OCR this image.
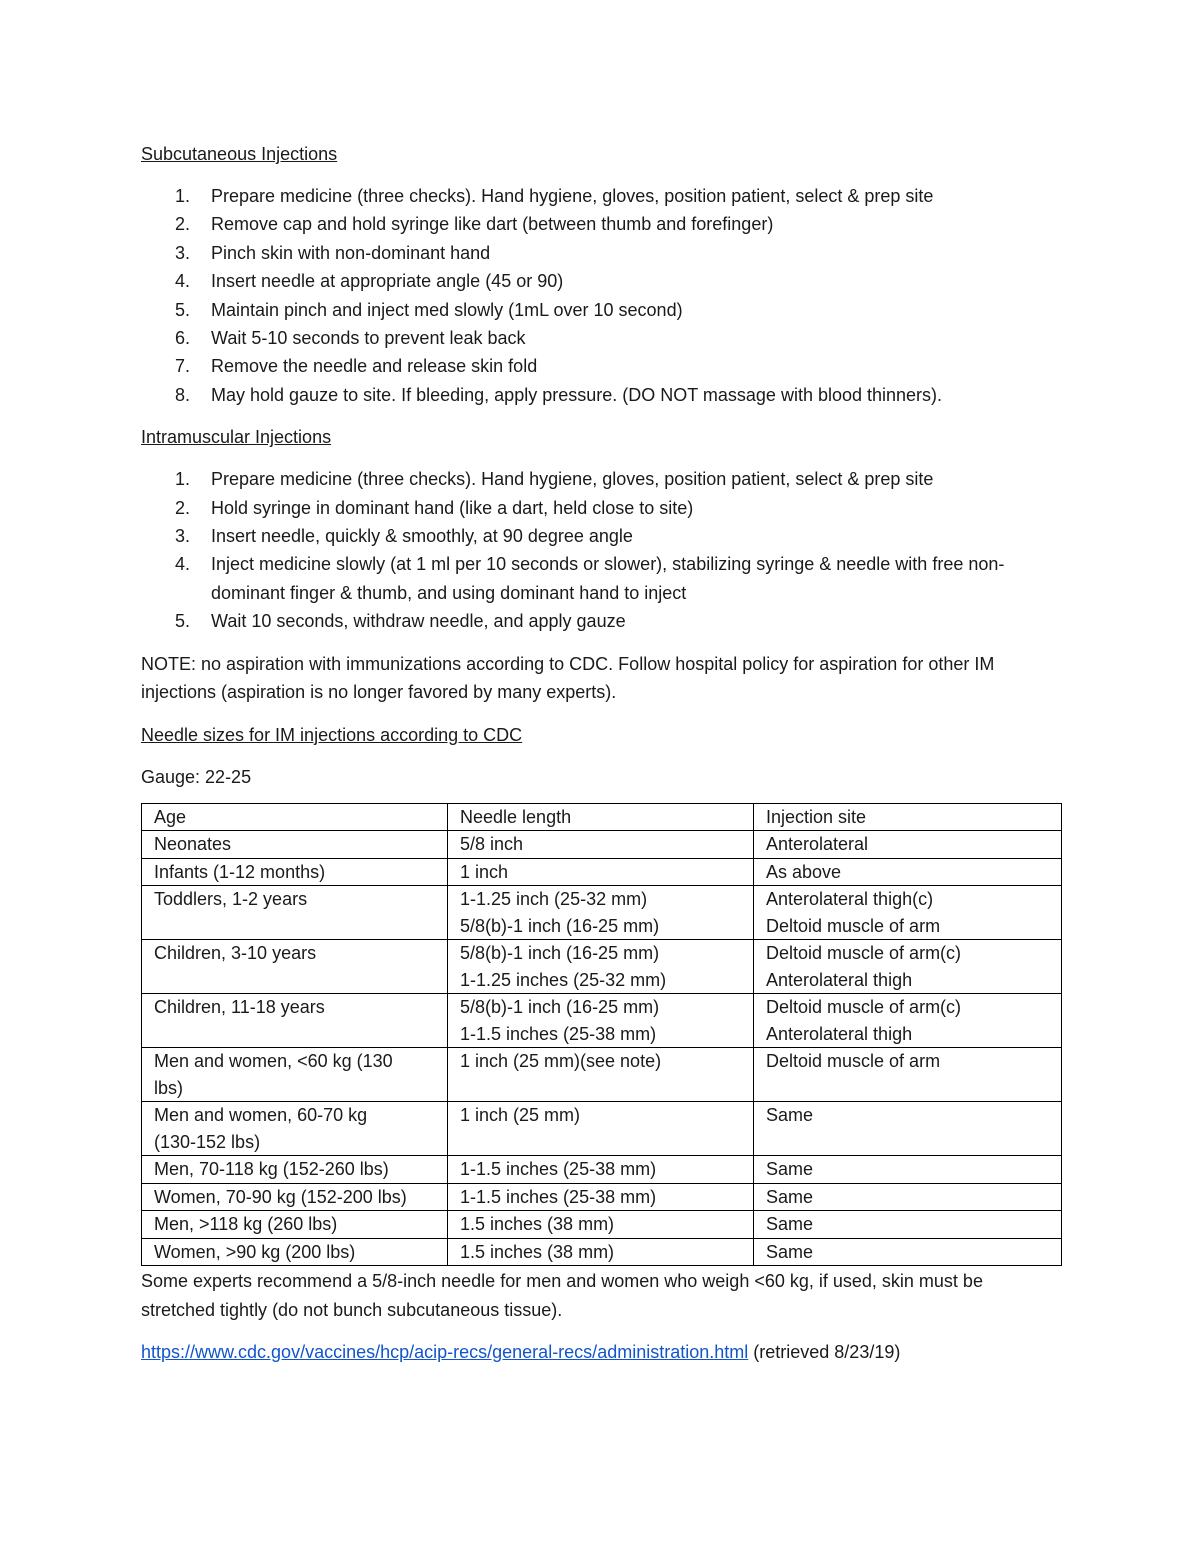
Subcutaneous Injections
1. Prepare medicine (three checks). Hand hygiene, gloves, position patient, select & prep site
2. Remove cap and hold syringe like dart (between thumb and forefinger)
3. Pinch skin with non-dominant hand
4. Insert needle at appropriate angle (45 or 90)
5. Maintain pinch and inject med slowly (1mL over 10 second)
6. Wait 5-10 seconds to prevent leak back
7. Remove the needle and release skin fold
8. May hold gauze to site. If bleeding, apply pressure. (DO NOT massage with blood thinners).
Intramuscular Injections
1. Prepare medicine (three checks). Hand hygiene, gloves, position patient, select & prep site
2. Hold syringe in dominant hand (like a dart, held close to site)
3. Insert needle, quickly & smoothly, at 90 degree angle
4. Inject medicine slowly (at 1 ml per 10 seconds or slower), stabilizing syringe & needle with free non-dominant finger & thumb, and using dominant hand to inject
5. Wait 10 seconds, withdraw needle, and apply gauze
NOTE: no aspiration with immunizations according to CDC. Follow hospital policy for aspiration for other IM injections (aspiration is no longer favored by many experts).
Needle sizes for IM injections according to CDC
Gauge: 22-25
Age	Needle length	Injection site

Neonates	5/8 inch	Anterolateral

Infants (1-12 months)	1 inch	As above

Toddlers, 1-2 years	1-1.25 inch (25-32 mm)
5/8(b)-1 inch (16-25 mm)	Anterolateral thigh(c)
Deltoid muscle of arm

Children, 3-10 years	5/8(b)-1 inch (16-25 mm)
1-1.25 inches (25-32 mm)	Deltoid muscle of arm(c)
Anterolateral thigh

Children, 11-18 years	5/8(b)-1 inch (16-25 mm)
1-1.5 inches (25-38 mm)	Deltoid muscle of arm(c)
Anterolateral thigh

Men and women, <60 kg (130
lbs)	1 inch (25 mm)(see note)	Deltoid muscle of arm

Men and women, 60-70 kg
(130-152 lbs)	1 inch (25 mm)	Same

Men, 70-118 kg (152-260 lbs)	1-1.5 inches (25-38 mm)	Same

Women, 70-90 kg (152-200 lbs)	1-1.5 inches (25-38 mm)	Same

Men, >118 kg (260 lbs)	1.5 inches (38 mm)	Same

Women, >90 kg (200 lbs)	1.5 inches (38 mm)	Same
Some experts recommend a 5/8-inch needle for men and women who weigh <60 kg, if used, skin must be stretched tightly (do not bunch subcutaneous tissue).
https://www.cdc.gov/vaccines/hcp/acip-recs/general-recs/administration.html (retrieved 8/23/19)
